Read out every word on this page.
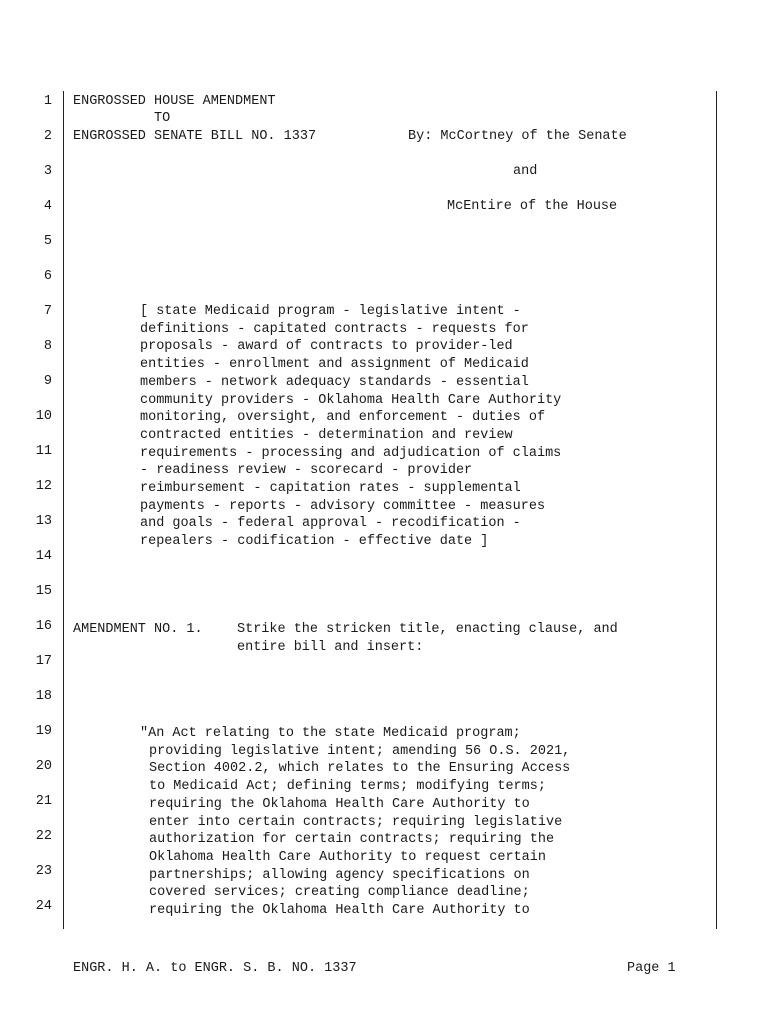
1
2
3
4
5
6
7
8
9
10
11
12
13
14
15
16
17
18
19
20
21
22
23
24
ENGROSSED HOUSE AMENDMENT
TO
ENGROSSED SENATE BILL NO. 1337	By: McCortney of the Senate
and
McEntire of the House
[ state Medicaid program - legislative intent -
definitions - capitated contracts - requests for
proposals - award of contracts to provider-led
entities - enrollment and assignment of Medicaid
members - network adequacy standards - essential
community providers - Oklahoma Health Care Authority
monitoring, oversight, and enforcement - duties of
contracted entities - determination and review
requirements - processing and adjudication of claims
- readiness review - scorecard - provider
reimbursement - capitation rates - supplemental
payments - reports - advisory committee - measures
and goals - federal approval - recodification -
repealers - codification - effective date ]
AMENDMENT NO. 1.	Strike the stricken title, enacting clause, and
entire bill and insert:
"An Act relating to the state Medicaid program;
providing legislative intent; amending 56 O.S. 2021,
Section 4002.2, which relates to the Ensuring Access
to Medicaid Act; defining terms; modifying terms;
requiring the Oklahoma Health Care Authority to
enter into certain contracts; requiring legislative
authorization for certain contracts; requiring the
Oklahoma Health Care Authority to request certain
partnerships; allowing agency specifications on
covered services; creating compliance deadline;
requiring the Oklahoma Health Care Authority to
ENGR. H. A. to ENGR. S. B. NO. 1337	Page 1
